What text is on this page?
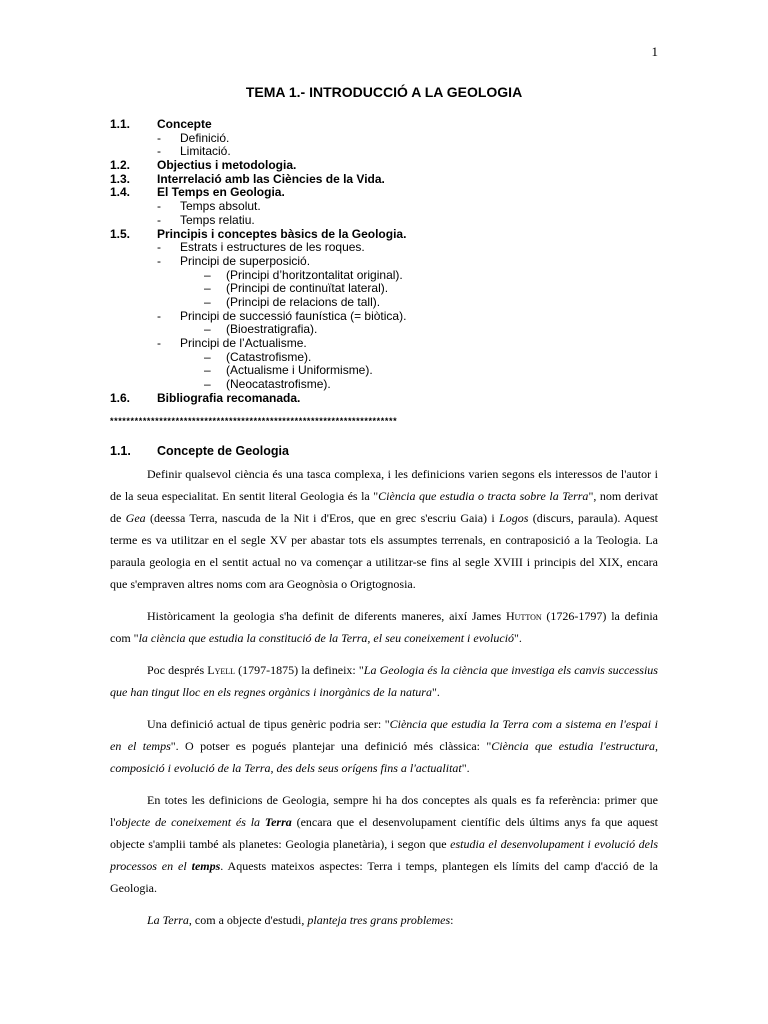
1
TEMA 1.- INTRODUCCIÓ A LA GEOLOGIA
1.1. Concepte
- Definició.
- Limitació.
1.2. Objectius i metodologia.
1.3. Interrelació amb las Ciències de la Vida.
1.4. El Temps en Geologia.
- Temps absolut.
- Temps relatiu.
1.5. Principis i conceptes bàsics de la Geologia.
- Estrats i estructures de les roques.
- Principi de superposició.
– (Principi d’horitzontalitat original).
– (Principi de continuïtat lateral).
– (Principi de relacions de tall).
- Principi de successió faunística (= biòtica).
– (Bioestratigrafia).
- Principi de l’Actualisme.
– (Catastrofisme).
– (Actualisme i Uniformisme).
– (Neocatastrofisme).
1.6. Bibliografia recomanada.
**********************************************************************
1.1. Concepte de Geologia

Definir qualsevol ciència és una tasca complexa, i les definicions varien segons els interessos de l'autor i de la seua especialitat. En sentit literal Geologia és la "Ciència que estudia o tracta sobre la Terra", nom derivat de Gea (deessa Terra, nascuda de la Nit i d'Eros, que en grec s'escriu Gaia) i Logos (discurs, paraula). Aquest terme es va utilitzar en el segle XV per abastar tots els assumptes terrenals, en contraposició a la Teologia. La paraula geologia en el sentit actual no va començar a utilitzar-se fins al segle XVIII i principis del XIX, encara que s'empraven altres noms com ara Geognòsia o Origtognosia.

Històricament la geologia s'ha definit de diferents maneres, així James Hutton (1726-1797) la definia com "la ciència que estudia la constitució de la Terra, el seu coneixement i evolució".

Poc després Lyell (1797-1875) la defineix: "La Geologia és la ciència que investiga els canvis successius que han tingut lloc en els regnes orgànics i inorgànics de la natura".

Una definició actual de tipus genèric podria ser: "Ciència que estudia la Terra com a sistema en l'espai i en el temps". O potser es pogués plantejar una definició més clàssica: "Ciència que estudia l'estructura, composició i evolució de la Terra, des dels seus orígens fins a l'actualitat".

En totes les definicions de Geologia, sempre hi ha dos conceptes als quals es fa referència: primer que l'objecte de coneixement és la Terra (encara que el desenvolupament científic dels últims anys fa que aquest objecte s'amplii també als planetes: Geologia planetària), i segon que estudia el desenvolupament i evolució dels processos en el temps. Aquests mateixos aspectes: Terra i temps, plantegen els límits del camp d'acció de la Geologia.

La Terra, com a objecte d'estudi, planteja tres grans problemes:
